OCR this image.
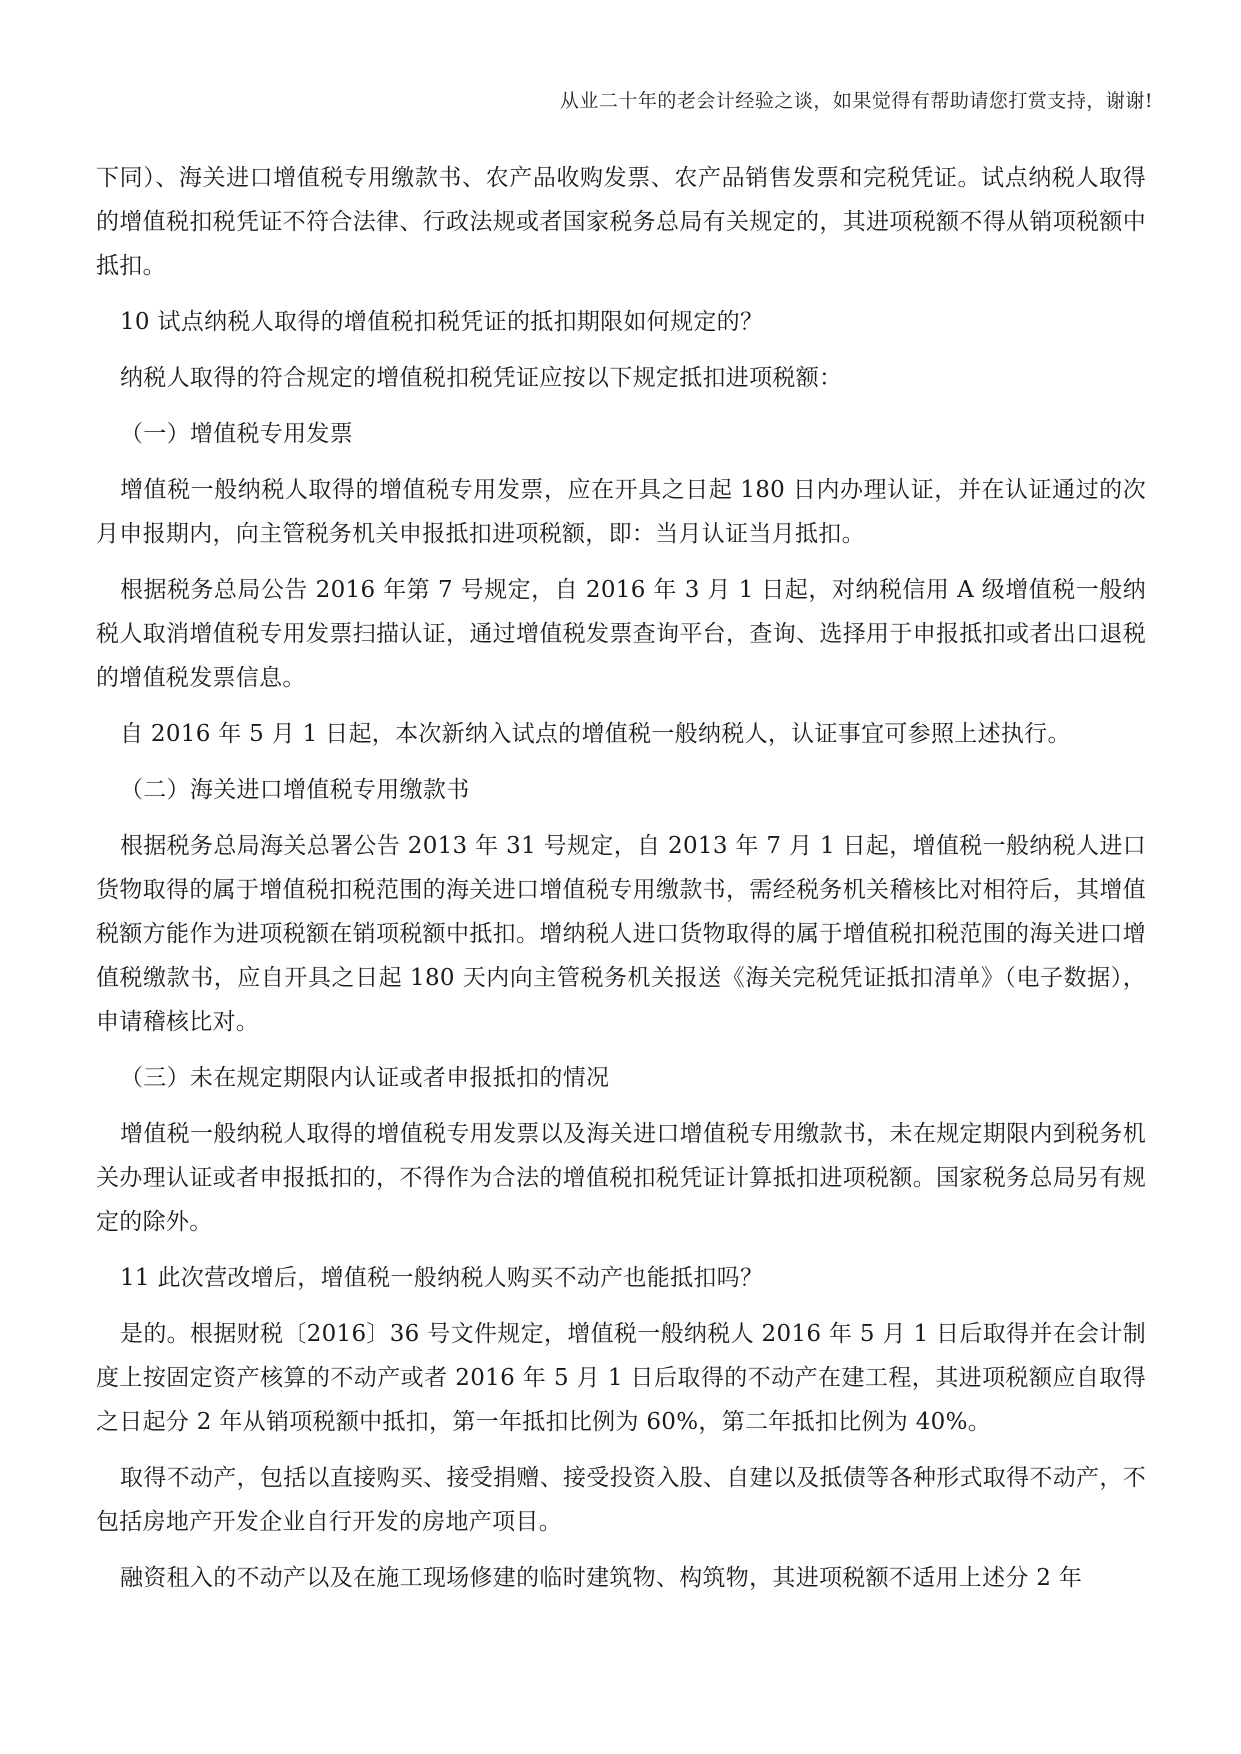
从业二十年的老会计经验之谈，如果觉得有帮助请您打赏支持，谢谢!

下同）、海关进口增值税专用缴款书、农产品收购发票、农产品销售发票和完税凭证。试点纳税人取得的增值税扣税凭证不符合法律、行政法规或者国家税务总局有关规定的，其进项税额不得从销项税额中抵扣。

10 试点纳税人取得的增值税扣税凭证的抵扣期限如何规定的？

纳税人取得的符合规定的增值税扣税凭证应按以下规定抵扣进项税额：

（一）增值税专用发票

增值税一般纳税人取得的增值税专用发票，应在开具之日起 180 日内办理认证，并在认证通过的次月申报期内，向主管税务机关申报抵扣进项税额，即：当月认证当月抵扣。

根据税务总局公告 2016 年第 7 号规定，自 2016 年 3 月 1 日起，对纳税信用 A 级增值税一般纳税人取消增值税专用发票扫描认证，通过增值税发票查询平台，查询、选择用于申报抵扣或者出口退税的增值税发票信息。

自 2016 年 5 月 1 日起，本次新纳入试点的增值税一般纳税人，认证事宜可参照上述执行。

（二）海关进口增值税专用缴款书

根据税务总局海关总署公告 2013 年 31 号规定，自 2013 年 7 月 1 日起，增值税一般纳税人进口货物取得的属于增值税扣税范围的海关进口增值税专用缴款书，需经税务机关稽核比对相符后，其增值税额方能作为进项税额在销项税额中抵扣。增纳税人进口货物取得的属于增值税扣税范围的海关进口增值税缴款书，应自开具之日起 180 天内向主管税务机关报送《海关完税凭证抵扣清单》（电子数据），申请稽核比对。

（三）未在规定期限内认证或者申报抵扣的情况

增值税一般纳税人取得的增值税专用发票以及海关进口增值税专用缴款书，未在规定期限内到税务机关办理认证或者申报抵扣的，不得作为合法的增值税扣税凭证计算抵扣进项税额。国家税务总局另有规定的除外。

11 此次营改增后，增值税一般纳税人购买不动产也能抵扣吗？

是的。根据财税〔2016〕36 号文件规定，增值税一般纳税人 2016 年 5 月 1 日后取得并在会计制度上按固定资产核算的不动产或者 2016 年 5 月 1 日后取得的不动产在建工程，其进项税额应自取得之日起分 2 年从销项税额中抵扣，第一年抵扣比例为 60%，第二年抵扣比例为 40%。

取得不动产，包括以直接购买、接受捐赠、接受投资入股、自建以及抵债等各种形式取得不动产，不包括房地产开发企业自行开发的房地产项目。

融资租入的不动产以及在施工现场修建的临时建筑物、构筑物，其进项税额不适用上述分 2 年
